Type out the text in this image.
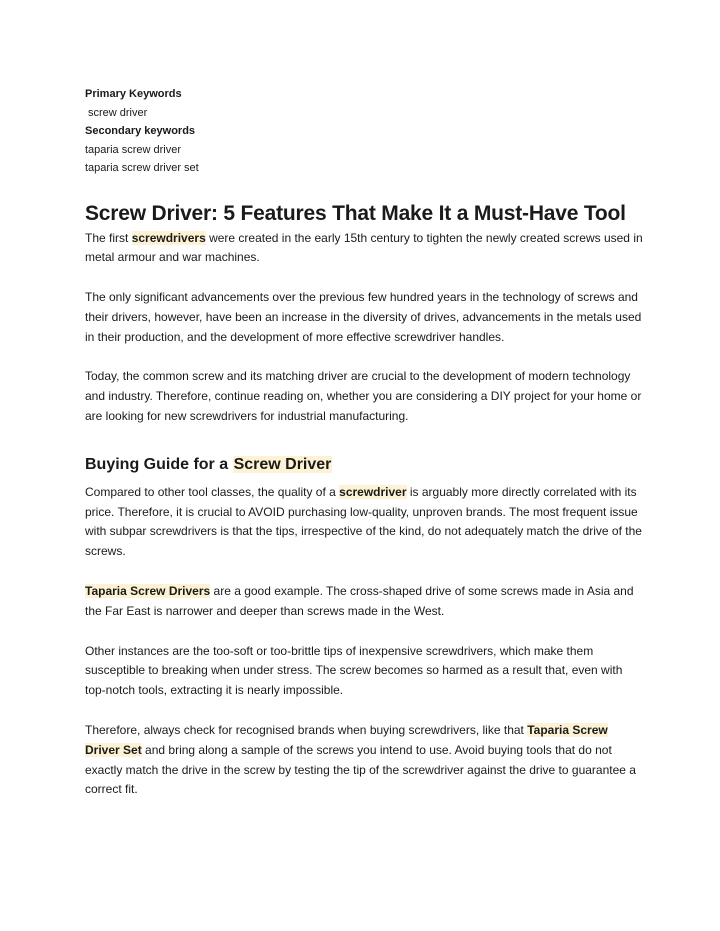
Primary Keywords
screw driver
Secondary keywords
taparia screw driver
taparia screw driver set
Screw Driver: 5 Features That Make It a Must-Have Tool

The first screwdrivers were created in the early 15th century to tighten the newly created screws used in metal armour and war machines.

The only significant advancements over the previous few hundred years in the technology of screws and their drivers, however, have been an increase in the diversity of drives, advancements in the metals used in their production, and the development of more effective screwdriver handles.

Today, the common screw and its matching driver are crucial to the development of modern technology and industry. Therefore, continue reading on, whether you are considering a DIY project for your home or are looking for new screwdrivers for industrial manufacturing.

Buying Guide for a Screw Driver

Compared to other tool classes, the quality of a screwdriver is arguably more directly correlated with its price. Therefore, it is crucial to AVOID purchasing low-quality, unproven brands. The most frequent issue with subpar screwdrivers is that the tips, irrespective of the kind, do not adequately match the drive of the screws.

Taparia Screw Drivers are a good example. The cross-shaped drive of some screws made in Asia and the Far East is narrower and deeper than screws made in the West.

Other instances are the too-soft or too-brittle tips of inexpensive screwdrivers, which make them susceptible to breaking when under stress. The screw becomes so harmed as a result that, even with top-notch tools, extracting it is nearly impossible.

Therefore, always check for recognised brands when buying screwdrivers, like that Taparia Screw Driver Set and bring along a sample of the screws you intend to use. Avoid buying tools that do not exactly match the drive in the screw by testing the tip of the screwdriver against the drive to guarantee a correct fit.
